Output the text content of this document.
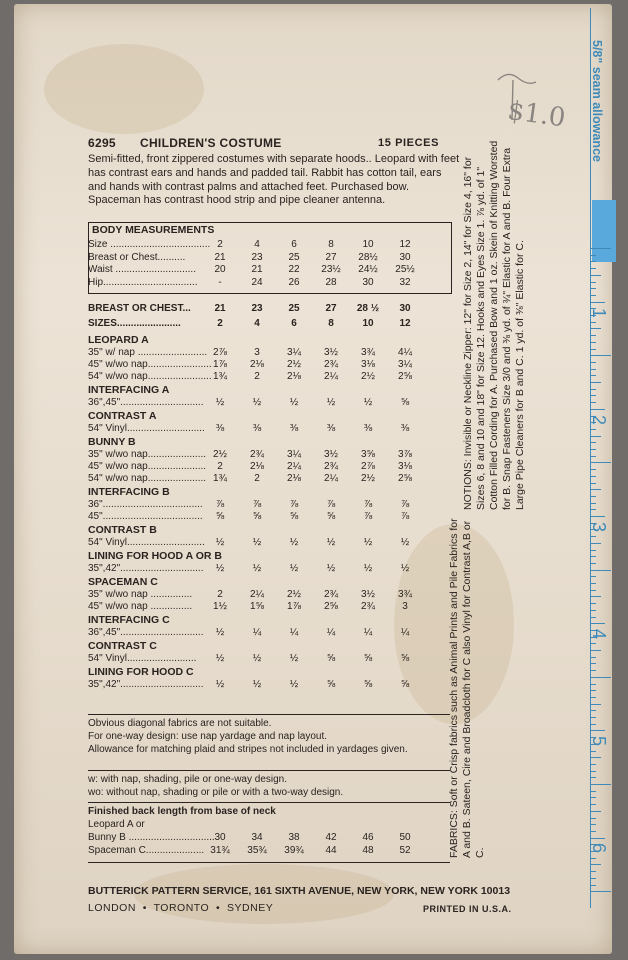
6295 CHILDREN'S COSTUME	15 PIECES
Semi-fitted, front zippered costumes with separate hoods.. Leopard with feet has contrast ears and hands and padded tail. Rabbit has cotton tail, ears and hands with contrast palms and attached feet. Purchased bow. Spaceman has contrast hood strip and pipe cleaner antenna.
BODY MEASUREMENTS
Size .................................... 2	4	6	8	10	12
Breast or Chest..........	21	23	25	27	28½	30
Waist .............................	20	21	22	23½	24½	25½
Hip..................................	-	24	26	28	30	32
BREAST OR CHEST...	21	23	25	27	28 ½	30
SIZES.......................	2	4	6	8	10	12
LEOPARD A
35" w/ nap ......................... 2⅞	3	3¼	3½	3¾	4¼
45" w/wo nap....................... 1⅞	2⅛	2½	2¾	3⅛	3¼
54" w/wo nap....................... 1¾	2	2⅛	2¼	2½	2⅝
INTERFACING A
36",45"..............................	½	½	½	½	½	⅝
CONTRAST A
54" Vinyl............................	⅜	⅜	⅜	⅜	⅜	⅜
BUNNY B
35" w/wo nap..................... 2½	2¾	3¼	3½	3⅝	3⅞
45" w/wo nap.....................	2	2⅛	2¼	2¾	2⅞	3⅛
54" w/wo nap..................... 1¾	2	2⅛	2¼	2½	2⅝
INTERFACING B
36"....................................	⅞	⅞	⅞	⅞	⅞	⅞
45"....................................	⅝	⅝	⅝	⅝	⅞	⅞
CONTRAST B
54" Vinyl............................	½	½	½	½	½	½
LINING FOR HOOD A OR B
35",42"..............................	½	½	½	½	½	½
SPACEMAN C
35" w/wo nap ...............	2	2¼	2½	2¾	3½	3¾
45" w/wo nap ...............	1½	1⅝	1⅞	2⅝	2¾	3
INTERFACING C
36",45"..............................	½	¼	¼	¼	¼	¼
CONTRAST C
54" Vinyl.........................	½	½	½	⅝	⅝	⅝
LINING FOR HOOD C
35",42"..............................	½	½	½	⅝	⅝	⅝
Obvious diagonal fabrics are not suitable.
For one-way design: use nap yardage and nap layout.
Allowance for matching plaid and stripes not included in yardages given.
w: with nap, shading, pile or one-way design.
wo: without nap, shading or pile or with a two-way design.
Finished back length from base of neck
Leopard A or
Bunny B ............................... 30	34	38	42	46	50
Spaceman C..................... 31¾	35¾	39¾	44	48	52	FABRICS: Soft or Crisp fabrics such as Animal Prints and Pile Fabrics for A and B. Sateen, Cire and Broadcloth for C also Vinyl for Contrast A,B or C.
NOTIONS: Invisible or Neckline Zipper: 12" for Size 2, 14" for Size 4, 16" for Sizes 6, 8 and 10 and 18" for Size 12. Hooks and Eyes Size 1. ⅞ yd. of 1" Cotton Filled Cording for A. Purchased Bow and 1 oz. Skein of Knitting Worsted for B. Snap Fasteners Size 3/0 and ⅜ yd. of ¾" Elastic for A and B. Four Extra Large Pipe Cleaners for B and C. 1 yd. of ⅜" Elastic for C.
BUTTERICK PATTERN SERVICE, 161 SIXTH AVENUE, NEW YORK, NEW YORK 10013
LONDON  •  TORONTO  •  SYDNEY	PRINTED IN U.S.A.
5/8" seam allowance
1
2
3
4
5
6
$1.0
